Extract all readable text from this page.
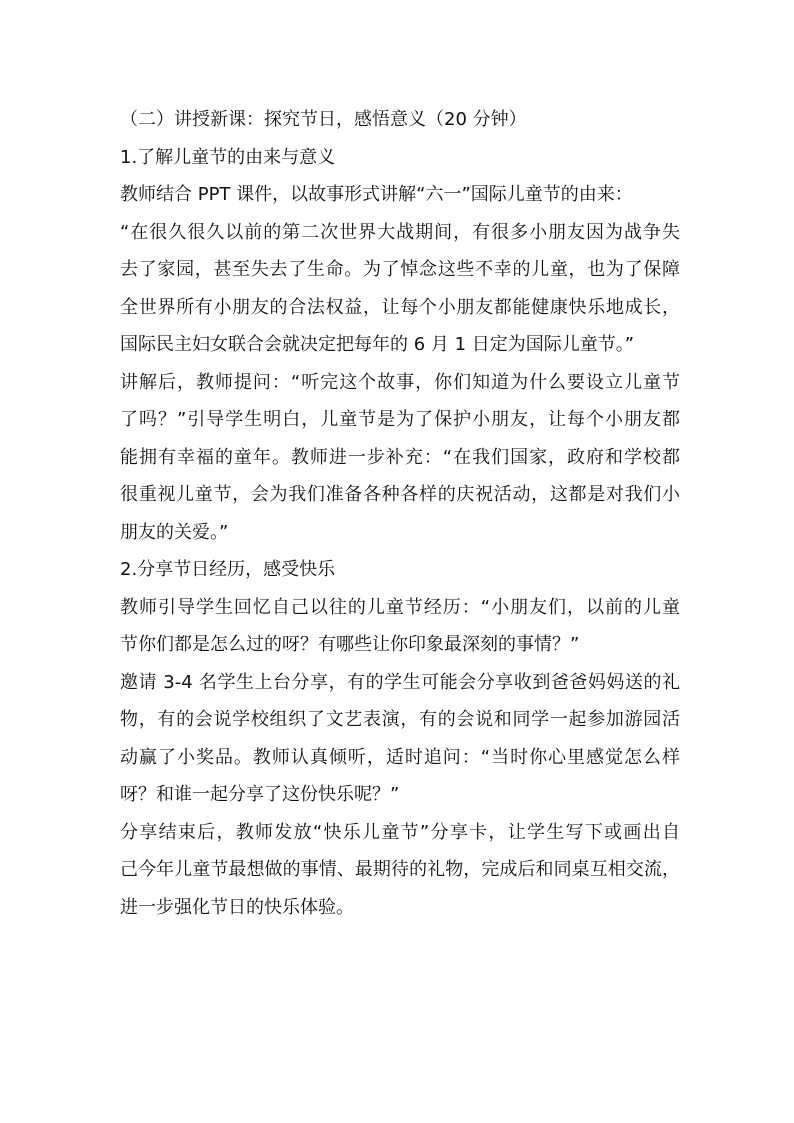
（二）讲授新课：探究节日，感悟意义（20 分钟）
1.了解儿童节的由来与意义
教师结合 PPT 课件，以故事形式讲解“六一”国际儿童节的由来：
“在很久很久以前的第二次世界大战期间，有很多小朋友因为战争失
去了家园，甚至失去了生命。为了悼念这些不幸的儿童，也为了保障
全世界所有小朋友的合法权益，让每个小朋友都能健康快乐地成长，
国际民主妇女联合会就决定把每年的 6 月 1 日定为国际儿童节。”
讲解后，教师提问：“听完这个故事，你们知道为什么要设立儿童节
了吗？”引导学生明白，儿童节是为了保护小朋友，让每个小朋友都
能拥有幸福的童年。教师进一步补充：“在我们国家，政府和学校都
很重视儿童节，会为我们准备各种各样的庆祝活动，这都是对我们小
朋友的关爱。”
2.分享节日经历，感受快乐
教师引导学生回忆自己以往的儿童节经历：“小朋友们，以前的儿童
节你们都是怎么过的呀？有哪些让你印象最深刻的事情？”
邀请 3-4 名学生上台分享，有的学生可能会分享收到爸爸妈妈送的礼
物，有的会说学校组织了文艺表演，有的会说和同学一起参加游园活
动赢了小奖品。教师认真倾听，适时追问：“当时你心里感觉怎么样
呀？和谁一起分享了这份快乐呢？”
分享结束后，教师发放“快乐儿童节”分享卡，让学生写下或画出自
己今年儿童节最想做的事情、最期待的礼物，完成后和同桌互相交流，
进一步强化节日的快乐体验。
